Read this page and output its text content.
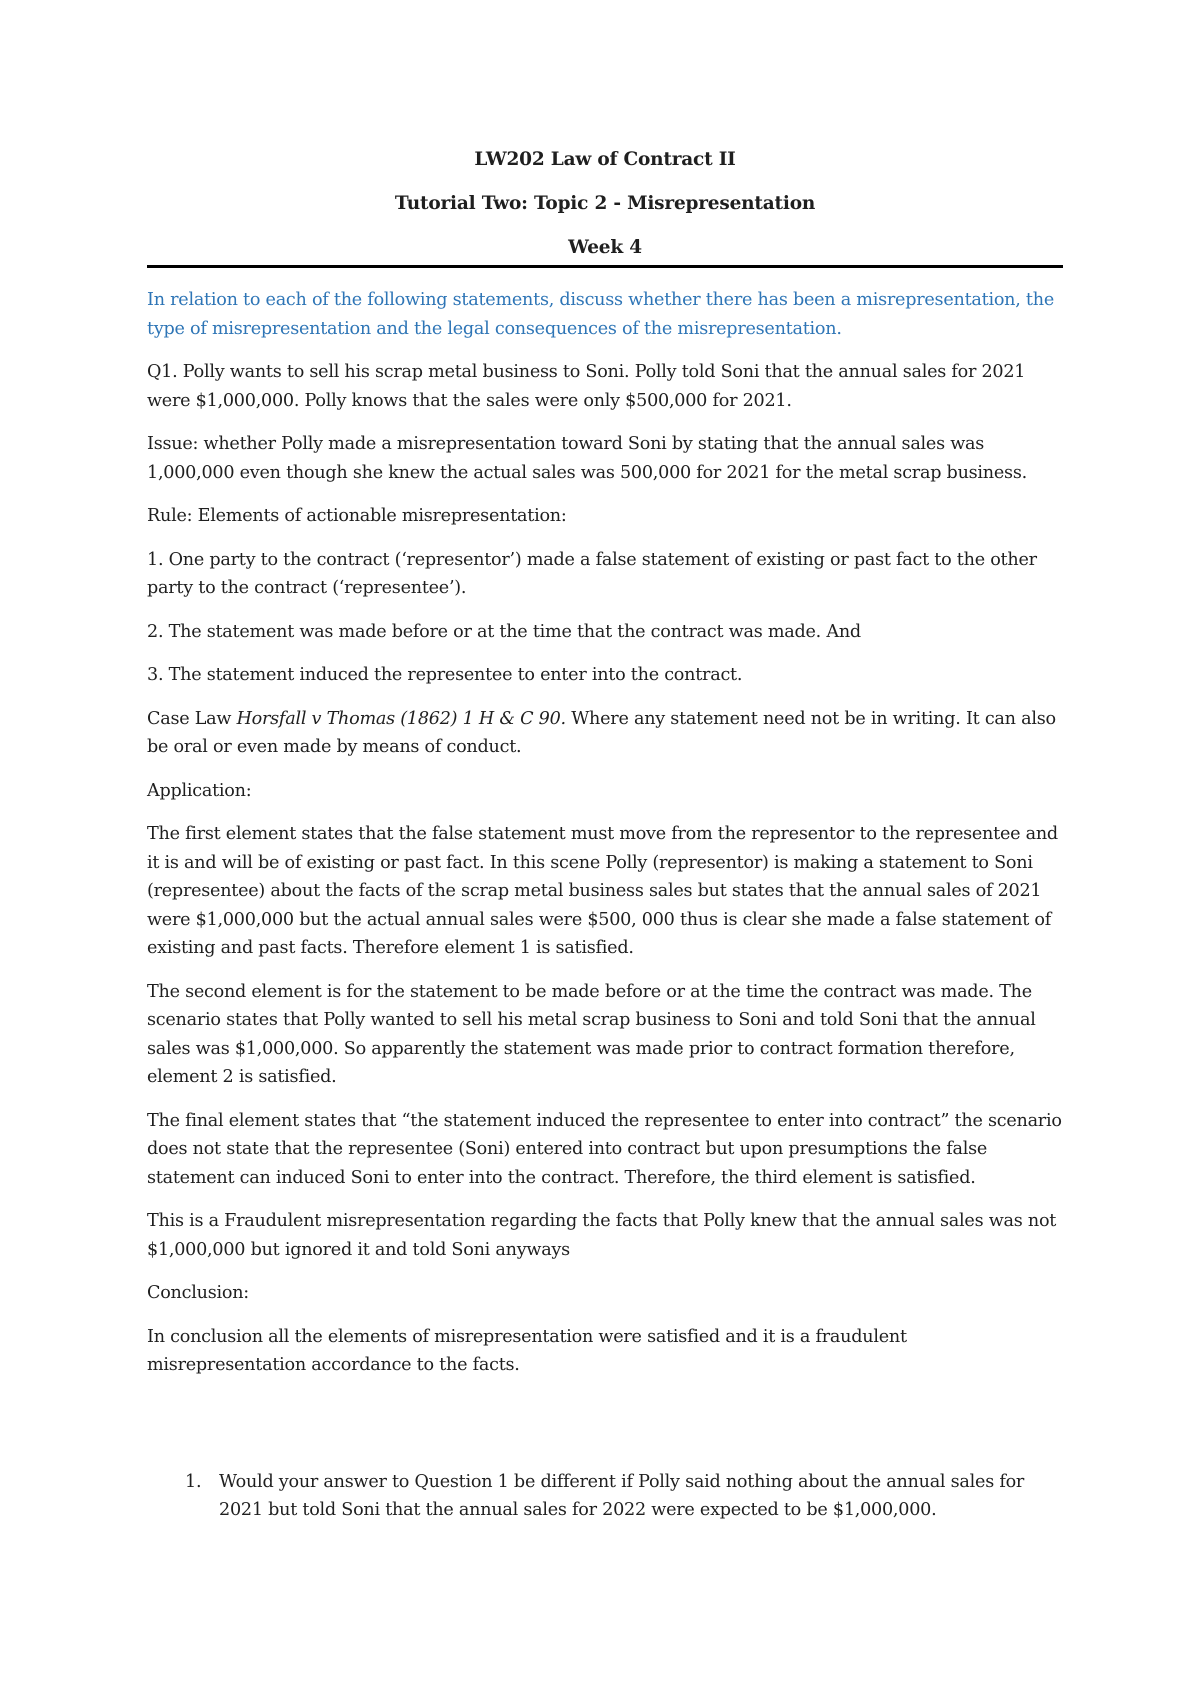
LW202 Law of Contract II
Tutorial Two: Topic 2 - Misrepresentation
Week 4

In relation to each of the following statements, discuss whether there has been a misrepresentation, the type of misrepresentation and the legal consequences of the misrepresentation.

Q1. Polly wants to sell his scrap metal business to Soni. Polly told Soni that the annual sales for 2021 were $1,000,000. Polly knows that the sales were only $500,000 for 2021.

Issue: whether Polly made a misrepresentation toward Soni by stating that the annual sales was 1,000,000 even though she knew the actual sales was 500,000 for 2021 for the metal scrap business.

Rule: Elements of actionable misrepresentation:

1. One party to the contract (‘representor’) made a false statement of existing or past fact to the other party to the contract (‘representee’).

2. The statement was made before or at the time that the contract was made. And

3. The statement induced the representee to enter into the contract.

Case Law Horsfall v Thomas (1862) 1 H & C 90. Where any statement need not be in writing. It can also be oral or even made by means of conduct.

Application:

The first element states that the false statement must move from the representor to the representee and it is and will be of existing or past fact. In this scene Polly (representor) is making a statement to Soni (representee) about the facts of the scrap metal business sales but states that the annual sales of 2021 were $1,000,000 but the actual annual sales were $500, 000 thus is clear she made a false statement of existing and past facts. Therefore element 1 is satisfied.

The second element is for the statement to be made before or at the time the contract was made. The scenario states that Polly wanted to sell his metal scrap business to Soni and told Soni that the annual sales was $1,000,000. So apparently the statement was made prior to contract formation therefore, element 2 is satisfied.

The final element states that “the statement induced the representee to enter into contract” the scenario does not state that the representee (Soni) entered into contract but upon presumptions the false statement can induced Soni to enter into the contract. Therefore, the third element is satisfied.

This is a Fraudulent misrepresentation regarding the facts that Polly knew that the annual sales was not $1,000,000 but ignored it and told Soni anyways

Conclusion:

In conclusion all the elements of misrepresentation were satisfied and it is a fraudulent misrepresentation accordance to the facts.

1. Would your answer to Question 1 be different if Polly said nothing about the annual sales for 2021 but told Soni that the annual sales for 2022 were expected to be $1,000,000.
